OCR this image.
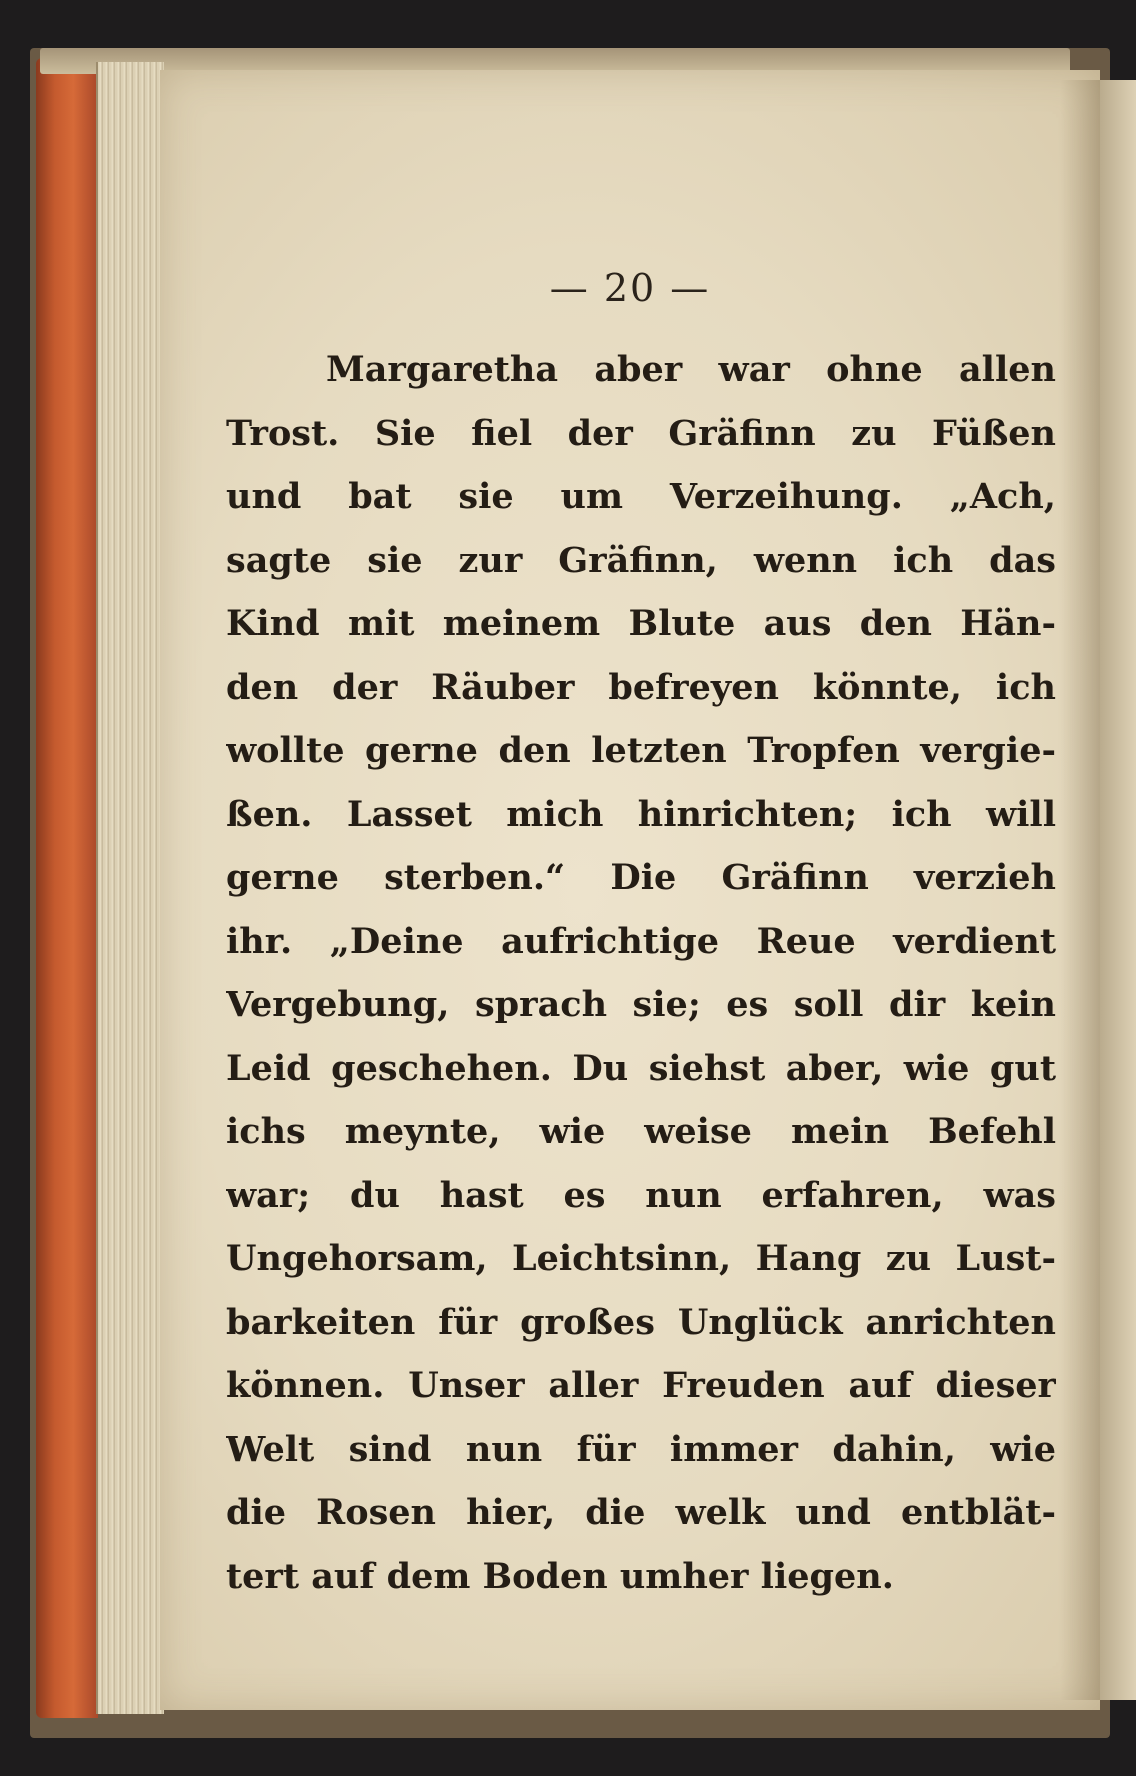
— 20 —
Margaretha aber war ohne allen
Trost. Sie fiel der Gräfinn zu Füßen
und bat sie um Verzeihung. „Ach,
sagte sie zur Gräfinn, wenn ich das
Kind mit meinem Blute aus den Hän-
den der Räuber befreyen könnte, ich
wollte gerne den letzten Tropfen vergie-
ßen. Lasset mich hinrichten; ich will
gerne sterben.“ Die Gräfinn verzieh
ihr. „Deine aufrichtige Reue verdient
Vergebung, sprach sie; es soll dir kein
Leid geschehen. Du siehst aber, wie gut
ichs meynte, wie weise mein Befehl
war; du hast es nun erfahren, was
Ungehorsam, Leichtsinn, Hang zu Lust-
barkeiten für großes Unglück anrichten
können. Unser aller Freuden auf dieser
Welt sind nun für immer dahin, wie
die Rosen hier, die welk und entblät-
tert auf dem Boden umher liegen.
